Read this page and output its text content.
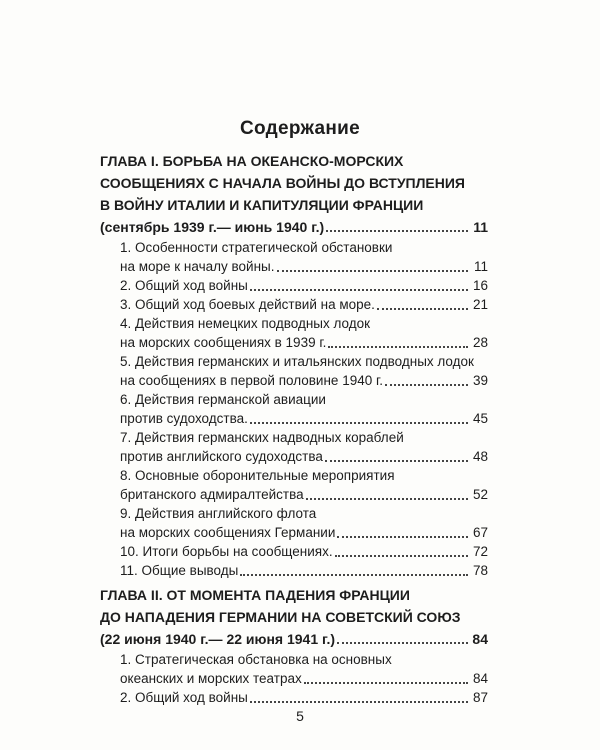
Содержание
ГЛАВА I. БОРЬБА НА ОКЕАНСКО-МОРСКИХ
СООБЩЕНИЯХ С НАЧАЛА ВОЙНЫ ДО ВСТУПЛЕНИЯ
В ВОЙНУ ИТАЛИИ И КАПИТУЛЯЦИИ ФРАНЦИИ
(сентябрь 1939 г.— июнь 1940 г.)	11
1. Особенности стратегической обстановки
на море к началу войны.	11
2. Общий ход войны	16
3. Общий ход боевых действий на море.	21
4. Действия немецких подводных лодок
на морских сообщениях в 1939 г.	28
5. Действия германских и итальянских подводных лодок
на сообщениях в первой половине 1940 г.	39
6. Действия германской авиации
против судоходства.	45
7. Действия германских надводных кораблей
против английского судоходства	48
8. Основные оборонительные мероприятия
британского адмиралтейства	52
9. Действия английского флота
на морских сообщениях Германии	67
10. Итоги борьбы на сообщениях.	72
11. Общие выводы	78
ГЛАВА II. ОТ МОМЕНТА ПАДЕНИЯ ФРАНЦИИ
ДО НАПАДЕНИЯ ГЕРМАНИИ НА СОВЕТСКИЙ СОЮЗ
(22 июня 1940 г.— 22 июня 1941 г.)	84
1. Стратегическая обстановка на основных
океанских и морских театрах	84
2. Общий ход войны	87
5
